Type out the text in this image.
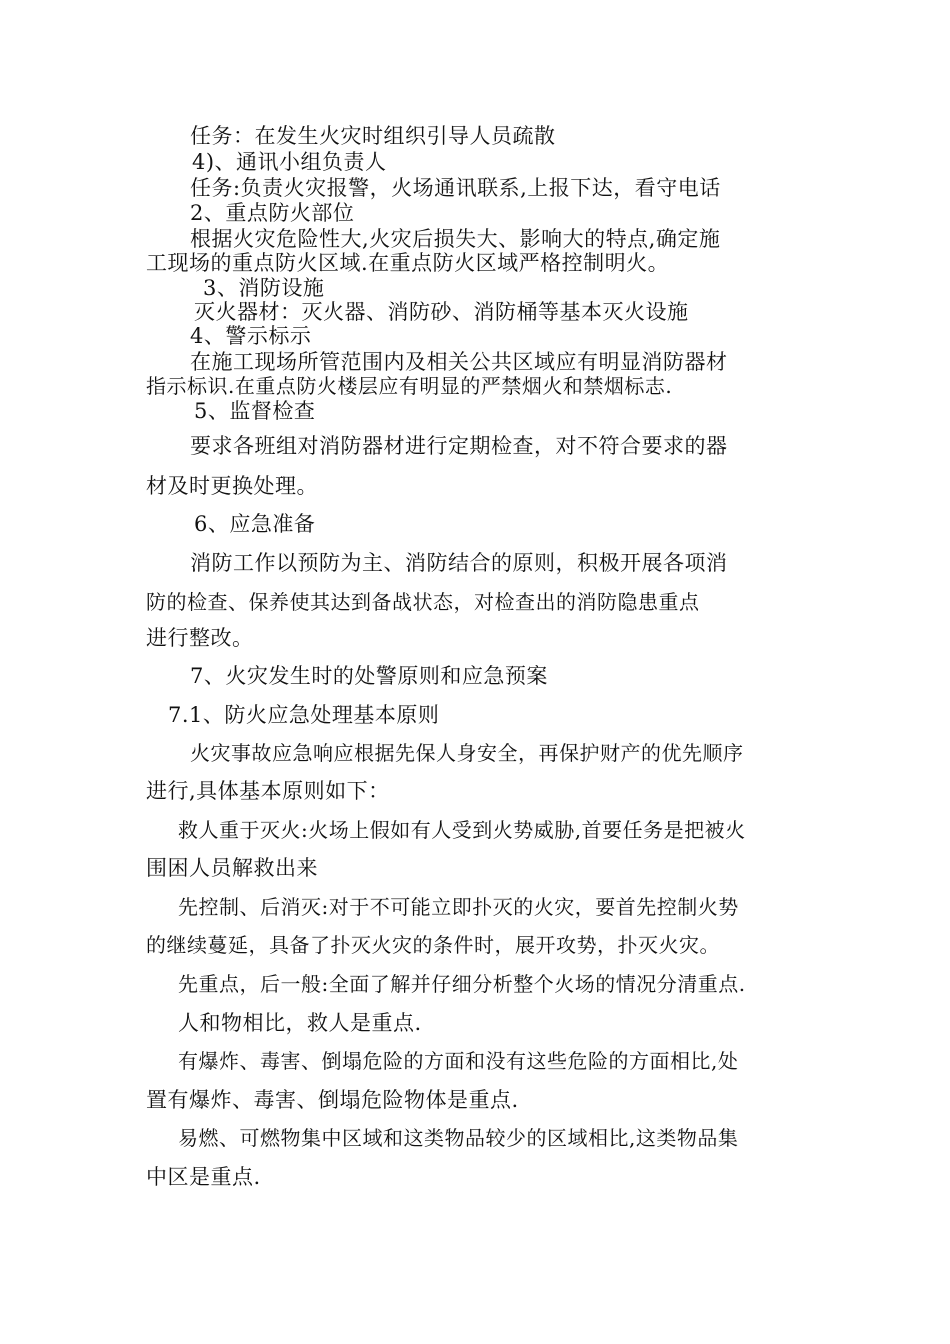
任务：在发生火灾时组织引导人员疏散
4)、通讯小组负责人
任务:负责火灾报警，火场通讯联系,上报下达，看守电话
2、重点防火部位
根据火灾危险性大,火灾后损失大、影响大的特点,确定施
工现场的重点防火区域.在重点防火区域严格控制明火。
3、消防设施
灭火器材：灭火器、消防砂、消防桶等基本灭火设施
4、警示标示
在施工现场所管范围内及相关公共区域应有明显消防器材
指示标识.在重点防火楼层应有明显的严禁烟火和禁烟标志.
5、监督检查
要求各班组对消防器材进行定期检查，对不符合要求的器
材及时更换处理。
6、应急准备
消防工作以预防为主、消防结合的原则，积极开展各项消
防的检查、保养使其达到备战状态，对检查出的消防隐患重点
进行整改。
7、火灾发生时的处警原则和应急预案
7.1、防火应急处理基本原则
火灾事故应急响应根据先保人身安全，再保护财产的优先顺序
进行,具体基本原则如下：
救人重于灭火:火场上假如有人受到火势威胁,首要任务是把被火
围困人员解救出来
先控制、后消灭:对于不可能立即扑灭的火灾，要首先控制火势
的继续蔓延，具备了扑灭火灾的条件时，展开攻势，扑灭火灾。
先重点，后一般:全面了解并仔细分析整个火场的情况分清重点.
人和物相比，救人是重点.
有爆炸、毒害、倒塌危险的方面和没有这些危险的方面相比,处
置有爆炸、毒害、倒塌危险物体是重点.
易燃、可燃物集中区域和这类物品较少的区域相比,这类物品集
中区是重点.
